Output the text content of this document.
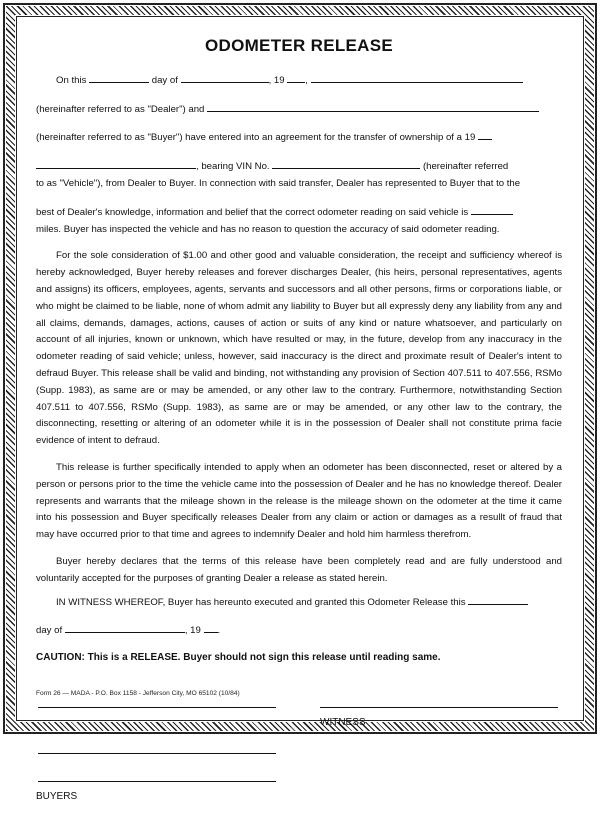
ODOMETER RELEASE

On this	day of	, 19 ,

(hereinafter referred to as "Dealer") and

(hereinafter referred to as "Buyer") have entered into an agreement for the transfer of ownership of a 19

, bearing VIN No.	(hereinafter referred

to as "Vehicle"), from Dealer to Buyer. In connection with said transfer, Dealer has represented to Buyer that to the

best of Dealer's knowledge, information and belief that the correct odometer reading on said vehicle is

miles. Buyer has inspected the vehicle and has no reason to question the accuracy of said odometer reading.

For the sole consideration of $1.00 and other good and valuable consideration, the receipt and sufficiency whereof is hereby acknowledged, Buyer hereby releases and forever discharges Dealer, (his heirs, personal representatives, agents and assigns) its officers, employees, agents, servants and successors and all other persons, firms or corporations liable, or who might be claimed to be liable, none of whom admit any liability to Buyer but all expressly deny any liability from any and all claims, demands, damages, actions, causes of action or suits of any kind or nature whatsoever, and particularly on account of all injuries, known or unknown, which have resulted or may, in the future, develop from any inaccuracy in the odometer reading of said vehicle; unless, however, said inaccuracy is the direct and proximate result of Dealer's intent to defraud Buyer. This release shall be valid and binding, not withstanding any provision of Section 407.511 to 407.556, RSMo (Supp. 1983), as same are or may be amended, or any other law to the contrary. Furthermore, notwithstanding Section 407.511 to 407.556, RSMo (Supp. 1983), as same are or may be amended, or any other law to the contrary, the disconnecting, resetting or altering of an odometer while it is in the possession of Dealer shall not constitute prima facie evidence of intent to defraud.

This release is further specifically intended to apply when an odometer has been disconnected, reset or altered by a person or persons prior to the time the vehicle came into the possession of Dealer and he has no knowledge thereof. Dealer represents and warrants that the mileage shown in the release is the mileage shown on the odometer at the time it came into his possession and Buyer specifically releases Dealer from any claim or action or damages as a resullt of fraud that may have occurred prior to that time and agrees to indemnify Dealer and hold him harmless therefrom.

Buyer hereby declares that the terms of this release have been completely read and are fully understood and voluntarily accepted for the purposes of granting Dealer a release as stated herein.

IN WITNESS WHEREOF, Buyer has hereunto executed and granted this Odometer Release this

day of	, 19 .

CAUTION: This is a RELEASE. Buyer should not sign this release until reading same.

WITNESS
BUYERS
Form 26 — MADA - P.O. Box 1158 - Jefferson City, MO 65102 (10/84)
